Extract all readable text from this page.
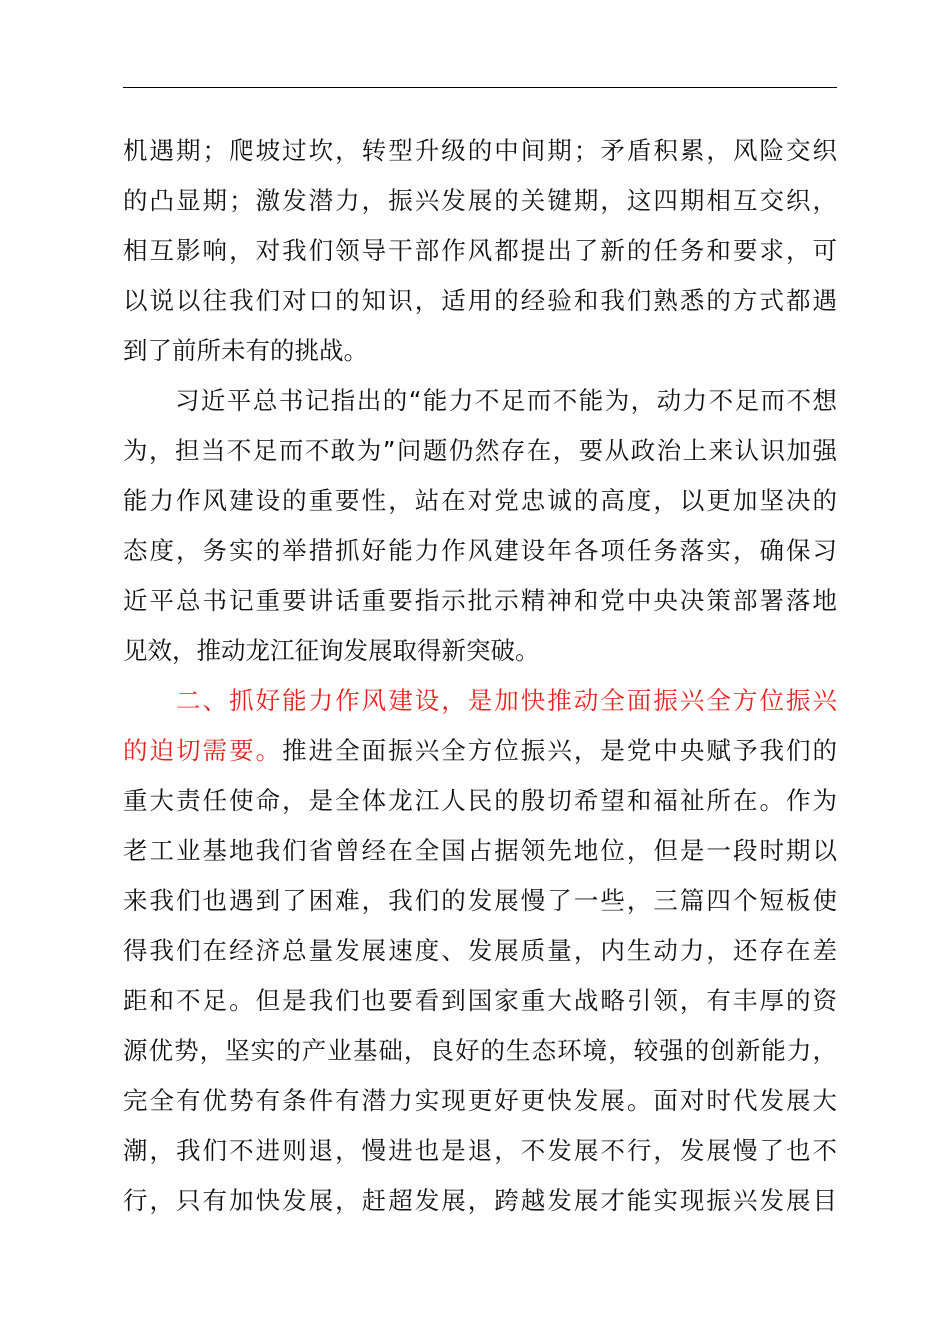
机遇期；爬坡过坎，转型升级的中间期；矛盾积累，风险交织
的凸显期；激发潜力，振兴发展的关键期，这四期相互交织，
相互影响，对我们领导干部作风都提出了新的任务和要求，可
以说以往我们对口的知识，适用的经验和我们熟悉的方式都遇
到了前所未有的挑战。
　　习近平总书记指出的“能力不足而不能为，动力不足而不想
为，担当不足而不敢为”问题仍然存在，要从政治上来认识加强
能力作风建设的重要性，站在对党忠诚的高度，以更加坚决的
态度，务实的举措抓好能力作风建设年各项任务落实，确保习
近平总书记重要讲话重要指示批示精神和党中央决策部署落地
见效，推动龙江征询发展取得新突破。
　　二、抓好能力作风建设，是加快推动全面振兴全方位振兴
的迫切需要。推进全面振兴全方位振兴，是党中央赋予我们的
重大责任使命，是全体龙江人民的殷切希望和福祉所在。作为
老工业基地我们省曾经在全国占据领先地位，但是一段时期以
来我们也遇到了困难，我们的发展慢了一些，三篇四个短板使
得我们在经济总量发展速度、发展质量，内生动力，还存在差
距和不足。但是我们也要看到国家重大战略引领，有丰厚的资
源优势，坚实的产业基础，良好的生态环境，较强的创新能力，
完全有优势有条件有潜力实现更好更快发展。面对时代发展大
潮，我们不进则退，慢进也是退，不发展不行，发展慢了也不
行，只有加快发展，赶超发展，跨越发展才能实现振兴发展目
